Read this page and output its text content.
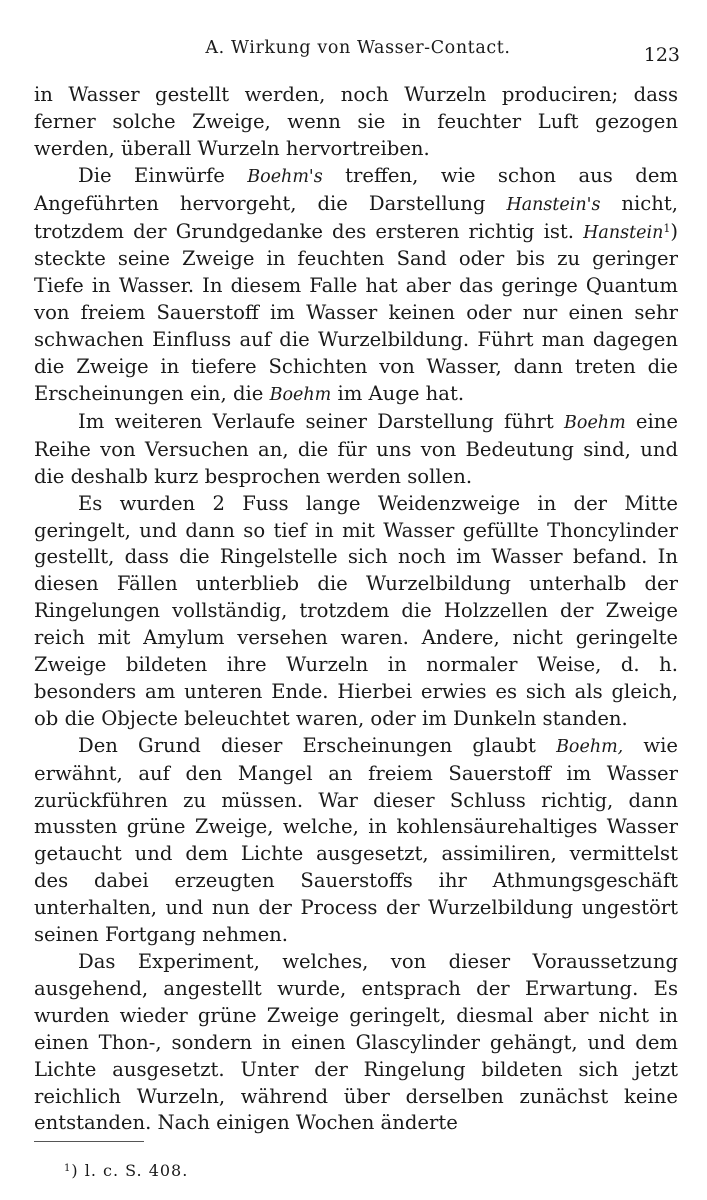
A. Wirkung von Wasser-Contact.	123

in Wasser gestellt werden, noch Wurzeln produciren; dass ferner solche Zweige, wenn sie in feuchter Luft gezogen werden, überall Wurzeln hervortreiben.

Die Einwürfe Boehm's treffen, wie schon aus dem Angeführten hervorgeht, die Darstellung Hanstein's nicht, trotzdem der Grundgedanke des ersteren richtig ist. Hanstein$^1$) steckte seine Zweige in feuchten Sand oder bis zu geringer Tiefe in Wasser. In diesem Falle hat aber das geringe Quantum von freiem Sauerstoff im Wasser keinen oder nur einen sehr schwachen Einfluss auf die Wurzelbildung. Führt man dagegen die Zweige in tiefere Schichten von Wasser, dann treten die Erscheinungen ein, die Boehm im Auge hat.

Im weiteren Verlaufe seiner Darstellung führt Boehm eine Reihe von Versuchen an, die für uns von Bedeutung sind, und die deshalb kurz besprochen werden sollen.

Es wurden 2 Fuss lange Weidenzweige in der Mitte geringelt, und dann so tief in mit Wasser gefüllte Thoncylinder gestellt, dass die Ringelstelle sich noch im Wasser befand. In diesen Fällen unterblieb die Wurzelbildung unterhalb der Ringelungen vollständig, trotzdem die Holzzellen der Zweige reich mit Amylum versehen waren. Andere, nicht geringelte Zweige bildeten ihre Wurzeln in normaler Weise, d. h. besonders am unteren Ende. Hierbei erwies es sich als gleich, ob die Objecte beleuchtet waren, oder im Dunkeln standen.

Den Grund dieser Erscheinungen glaubt Boehm, wie erwähnt, auf den Mangel an freiem Sauerstoff im Wasser zurückführen zu müssen. War dieser Schluss richtig, dann mussten grüne Zweige, welche, in kohlensäurehaltiges Wasser getaucht und dem Lichte ausgesetzt, assimiliren, vermittelst des dabei erzeugten Sauerstoffs ihr Athmungsgeschäft unterhalten, und nun der Process der Wurzelbildung ungestört seinen Fortgang nehmen.

Das Experiment, welches, von dieser Voraussetzung ausgehend, angestellt wurde, entsprach der Erwartung. Es wurden wieder grüne Zweige geringelt, diesmal aber nicht in einen Thon-, sondern in einen Glascylinder gehängt, und dem Lichte ausgesetzt. Unter der Ringelung bildeten sich jetzt reichlich Wurzeln, während über derselben zunächst keine entstanden. Nach einigen Wochen änderte

$^1$) l. c. S. 408.
